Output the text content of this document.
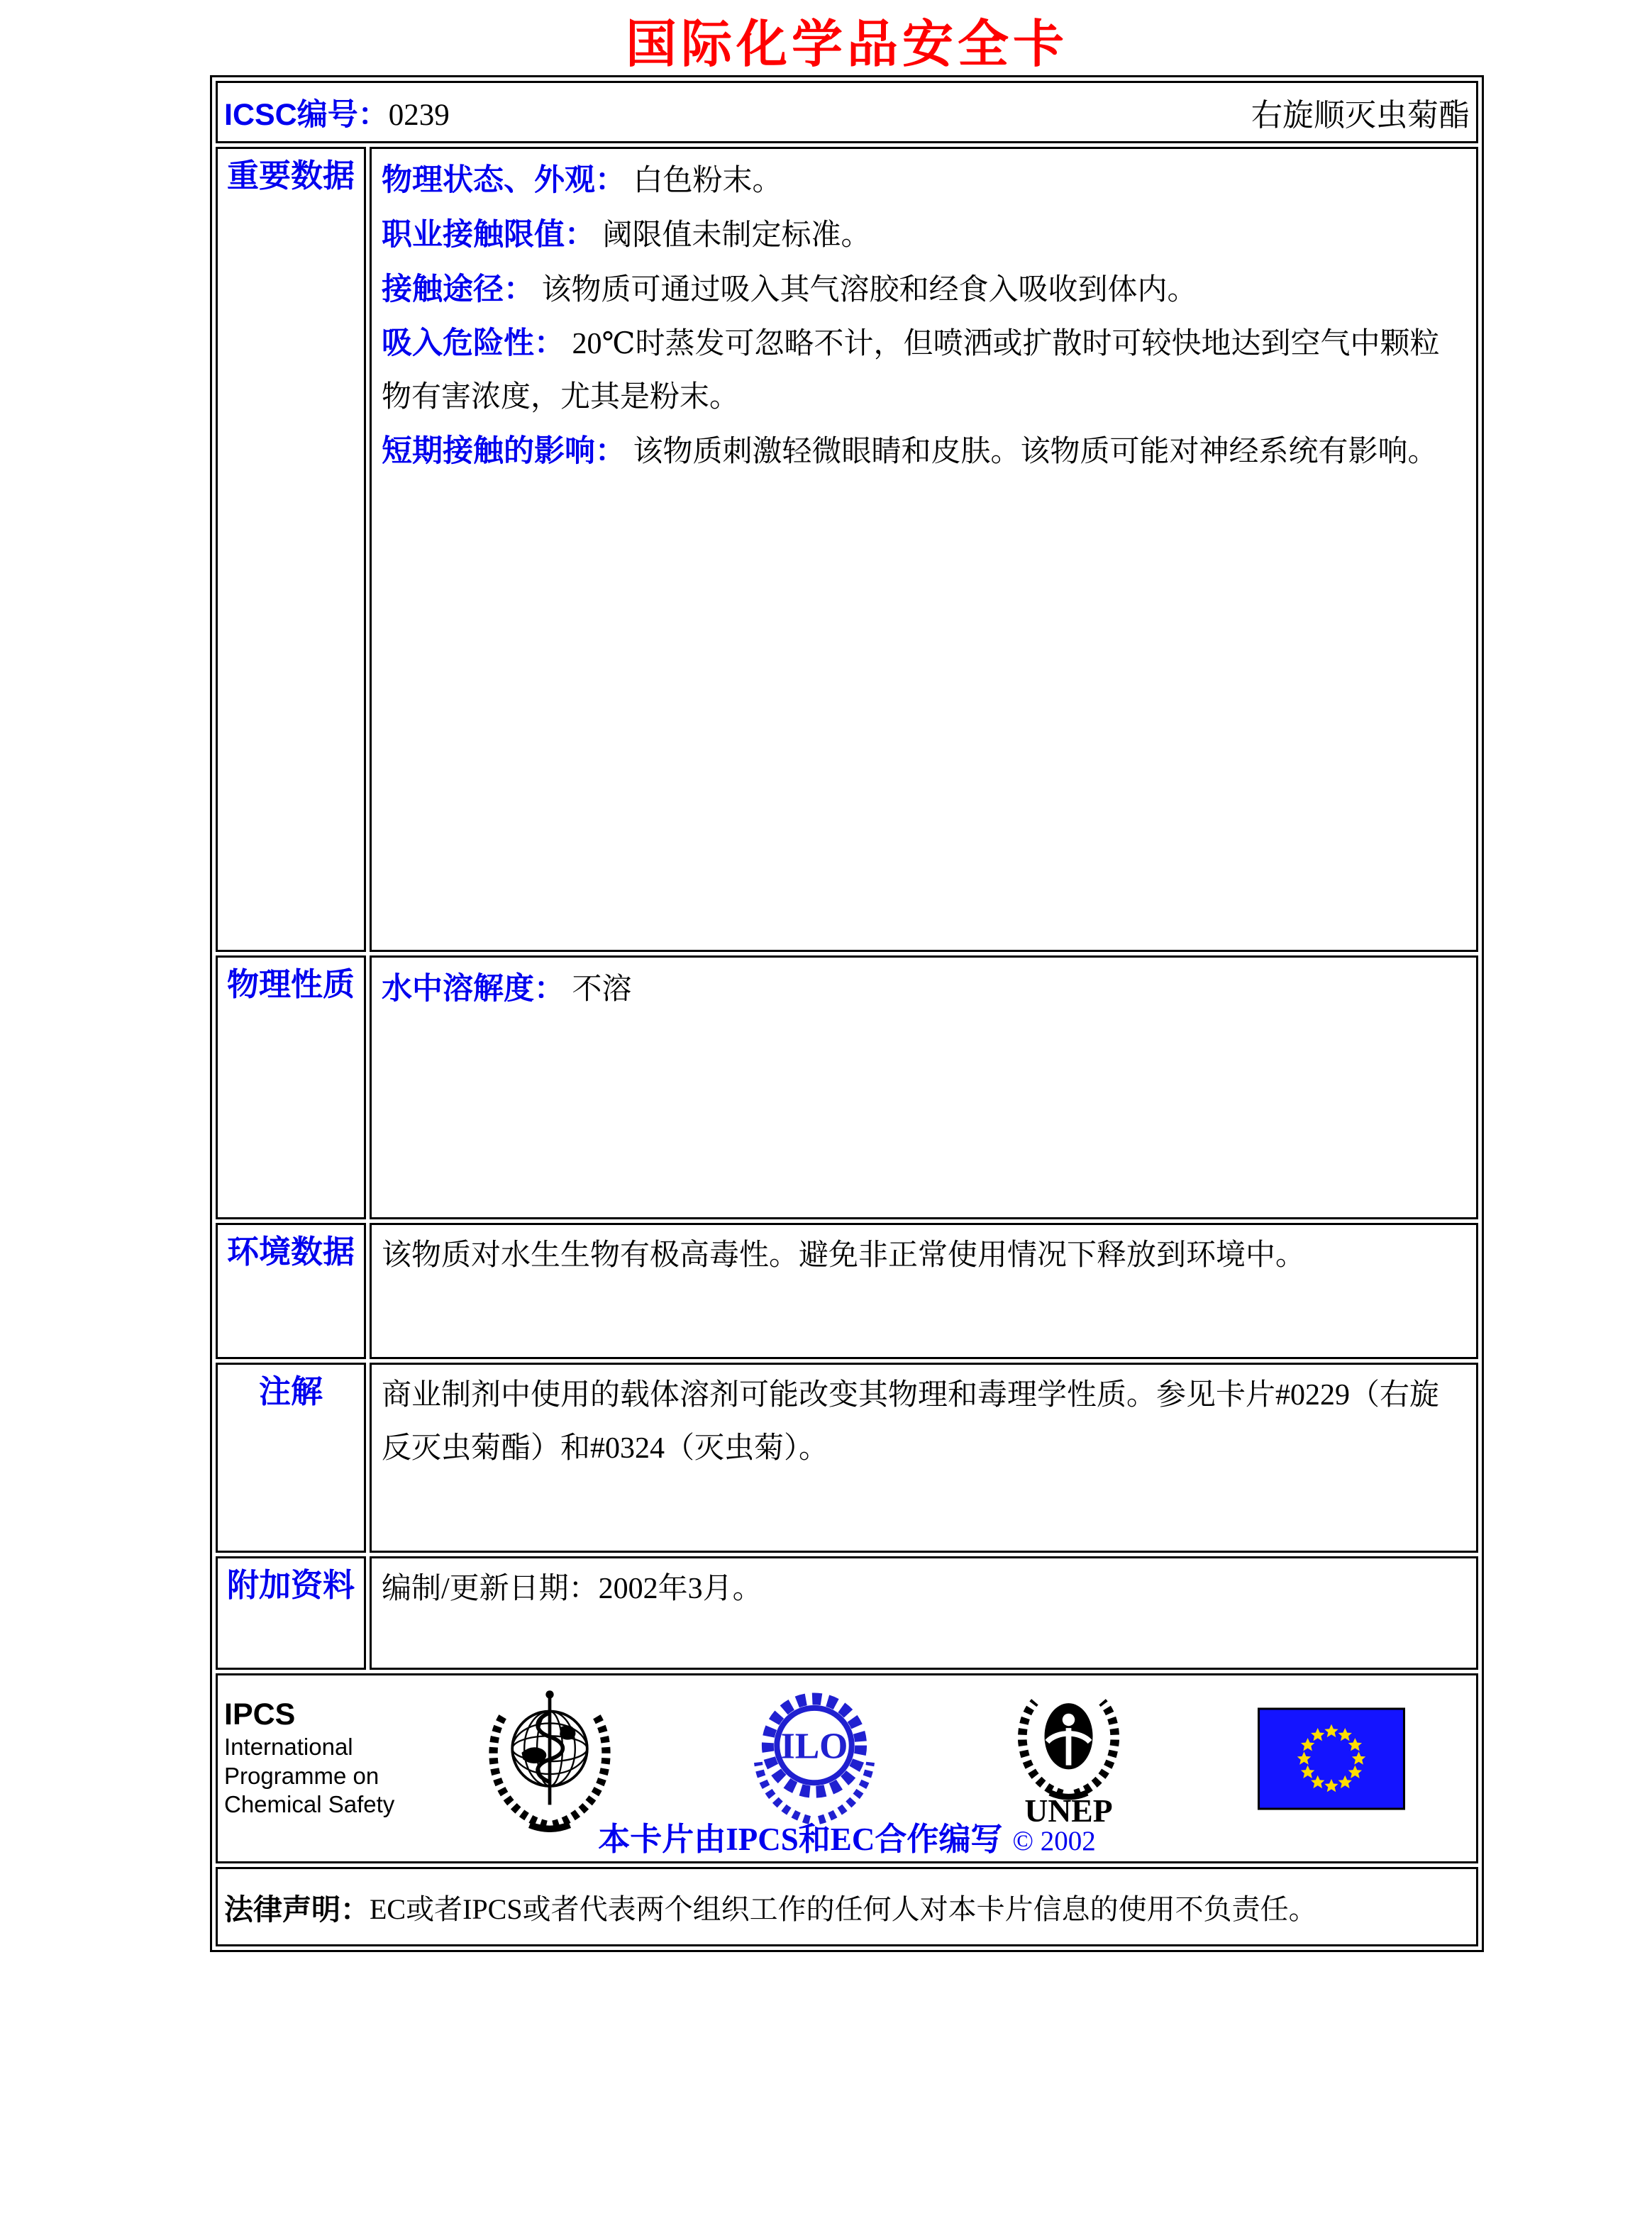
国际化学品安全卡
ICSC编号：0239 右旋顺灭虫菊酯	

重要数据	物理状态、外观： 白色粉末。
职业接触限值： 阈限值未制定标准。
接触途径： 该物质可通过吸入其气溶胶和经食入吸收到体内。
吸入危险性： 20℃时蒸发可忽略不计，但喷洒或扩散时可较快地达到空气中颗粒物有害浓度，尤其是粉末。
短期接触的影响： 该物质刺激轻微眼睛和皮肤。该物质可能对神经系统有影响。

物理性质	水中溶解度： 不溶

环境数据	该物质对水生生物有极高毒性。避免非正常使用情况下释放到环境中。

注解	商业制剂中使用的载体溶剂可能改变其物理和毒理学性质。参见卡片#0229（右旋反灭虫菊酯）和#0324（灭虫菊）。

附加资料	编制/更新日期：2002年3月。

IPCS
International
Programme on
Chemical Safety
ILO
UNEP
本卡片由IPCS和EC合作编写 © 2002

法律声明： EC或者IPCS或者代表两个组织工作的任何人对本卡片信息的使用不负责任。	
